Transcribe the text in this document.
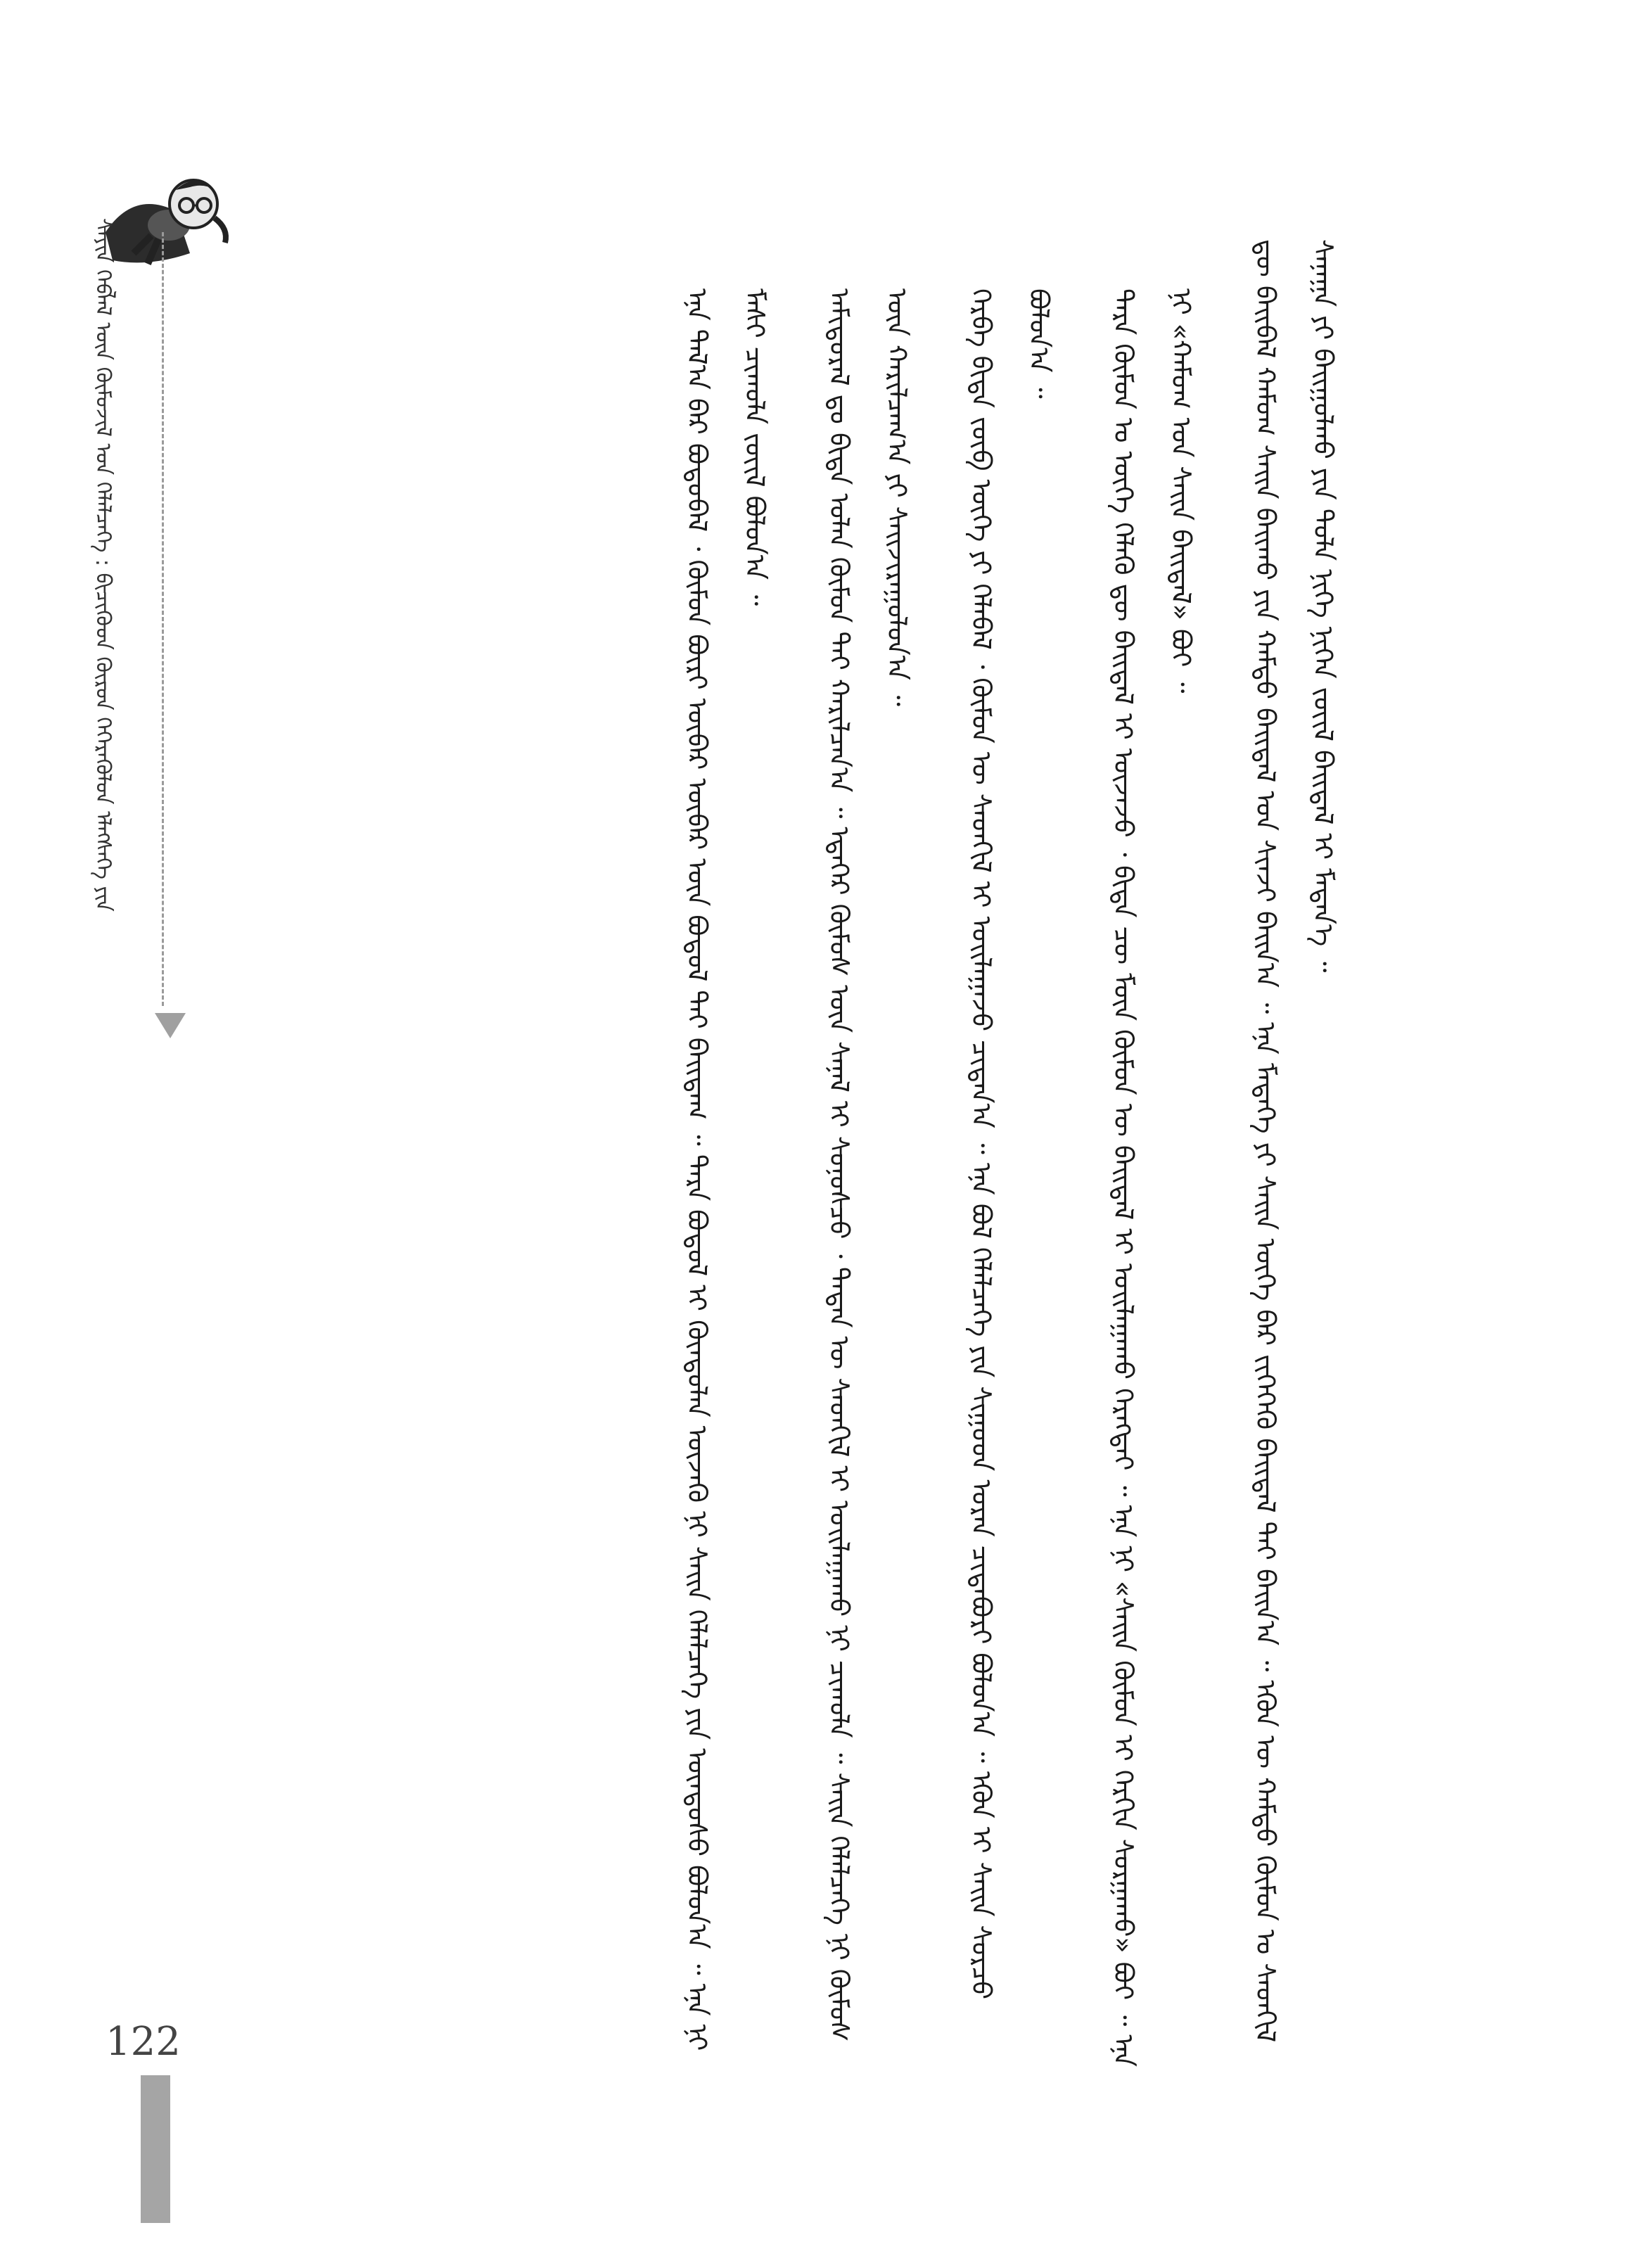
ᠰᠠᠶᠢᠨ ᠬᠡᠪᠯᠡᠯ ᠦᠨ ᠬᠦᠮᠦᠵᠢᠯ ᠤᠨ ᠬᠡᠯᠡᠯᠴᠡᠭᠡ : ᠪᠢᠴᠢᠭᠦᠳ ᠬᠦᠷᠦᠨ ᠭᠡᠭᠡᠷᠡᠭᠦᠯᠦᠨ ᠡᠯᠡᠭᠰᠡᠭᠡ ᠶᠢᠨ	ᠳᠦ ᠪᠠᠢᠪᠠᠯ ᠬᠠᠮᠤᠭ ᠰᠠᠢᠨ ᠪᠠᠢᠬᠤ ᠶᠢᠨ ᠬᠠᠮᠲᠤ ᠪᠠᠢᠳᠠᠯ ᠤᠨ ᠰᠢᠨᠵᠢ ᠪᠠᠢᠨ᠎ᠠ ᠃ ᠡᠨᠡ ᠮᠡᠳᠡᠭᠡ ᠶᠢ ᠰᠠᠢᠨ ᠦᠭᠡ ᠪᠡᠷ ᠵᠢᠬᠡᠭᠡᠬᠦ ᠪᠠᠢᠳᠠᠯ ᠲᠠᠢ ᠪᠠᠢᠨ᠎ᠠ ᠃ ᠡᠭᠦᠨ ᠦ ᠬᠠᠮᠲᠤ ᠬᠦᠮᠦᠨ ᠤ ᠰᠡᠳᠬᠢᠯ ᠰᠠᠨᠠᠭᠠ ᠶᠢ ᠪᠠᠢᠭᠤᠯᠬᠤ ᠶᠢᠨ ᠲᠤᠯᠠ ᠨᠢᠭᠡ ᠨᠢᠭᠡᠨ ᠵᠦᠢᠯ ᠪᠠᠢᠳᠠᠯ ᠢ ᠮᠡᠳᠡᠨ᠎ᠡ ᠃

ᠲᠡᠷᠡ ᠬᠦᠮᠦᠨ ᠤ ᠦᠭᠡ ᠬᠡᠯᠡᠬᠦ ᠳᠦ ᠪᠠᠢᠳᠠᠯ ᠢ ᠦᠵᠡᠵᠦ ᠂ ᠪᠢᠳᠡ ᠴᠦ ᠮᠦᠨ ᠬᠦᠮᠦᠨ ᠦ ᠪᠠᠢᠳᠠᠯ ᠢ ᠣᠢᠯᠠᠭᠠᠬᠤ ᠬᠡᠷᠡᠭᠲᠡᠢ ᠃ ᠡᠨᠡ ᠨᠢ «ᠰᠠᠢᠨ ᠬᠦᠮᠦᠨ ᠢ ᠬᠡᠷᠬᠢᠨ ᠰᠤᠷᠭᠠᠬᠤ» ᠪᠤᠢ ᠃ ᠡᠨᠡ ᠨᠢ «ᠬᠠᠮᠤᠭ ᠤᠨ ᠰᠠᠢᠨ ᠪᠠᠢᠳᠠᠯ» ᠪᠤᠢ ᠃

ᠬᠡᠷᠪᠡ ᠪᠢᠳᠡ ᠵᠦᠪ ᠦᠭᠡ ᠶᠢ ᠬᠡᠯᠡᠪᠡᠯ ᠂ ᠬᠦᠮᠦᠨ ᠦ ᠰᠡᠳᠬᠢᠯ ᠢ ᠣᠢᠯᠠᠭᠠᠵᠤ ᠴᠢᠳᠠᠨ᠎ᠠ ᠃ ᠡᠨᠡ ᠪᠣᠯ ᠬᠡᠯᠡᠯᠴᠡᠭᠡ ᠶᠢᠨ ᠰᠢᠭ᠋ᠤᠳ ᠤᠷᠠᠨ ᠴᠢᠳᠠᠪᠤᠷᠢ ᠪᠣᠯᠤᠨ᠎ᠠ ᠃ ᠡᠭᠦᠨ ᠢ ᠰᠠᠢᠨ ᠰᠤᠷᠴᠤ ᠪᠣᠯᠤᠨ᠎ᠠ ᠃

ᠠᠮᠢᠳᠤᠷᠠᠯ ᠳᠤ ᠪᠢᠳᠡ ᠣᠯᠠᠨ ᠬᠦᠮᠦᠨ ᠲᠡᠢ ᠬᠠᠷᠢᠯᠴᠠᠨ᠎ᠠ ᠃ ᠡᠳᠡᠭᠡᠷ ᠬᠦᠮᠦᠰ ᠦᠨ ᠰᠠᠨᠠᠯ ᠢ ᠰᠣᠨᠣᠰᠴᠤ ᠂ ᠲᠡᠳᠡᠨ ᠦ ᠰᠡᠳᠬᠢᠯ ᠢ ᠣᠢᠯᠠᠭᠠᠬᠤ ᠨᠢ ᠴᠢᠬᠤᠯᠠ ᠃ ᠰᠠᠢᠨ ᠬᠡᠯᠡᠯᠴᠡᠭᠡ ᠨᠢ ᠬᠦᠮᠦᠰ ᠦᠨ ᠬᠠᠷᠢᠯᠴᠠᠭ᠎ᠠ ᠶᠢ ᠰᠠᠢᠵᠢᠷᠠᠭᠤᠯᠤᠨ᠎ᠠ ᠃

ᠡᠨᠡ ᠲᠠᠯ᠎ᠠ ᠪᠠᠷ ᠪᠣᠳᠤᠪᠠᠯ ᠂ ᠬᠦᠮᠦᠨ ᠪᠦᠷᠢ ᠥᠪᠡᠷ ᠥᠪᠡᠷ ᠦᠨ ᠪᠣᠳᠤᠯ ᠲᠠᠢ ᠪᠠᠢᠳᠠᠭ ᠃ ᠲᠡᠷᠡ ᠪᠣᠳᠤᠯ ᠢ ᠬᠦᠨᠳᠦᠯᠡᠨ ᠦᠵᠡᠬᠦ ᠨᠢ ᠰᠠᠢᠨ ᠬᠡᠯᠡᠯᠴᠡᠭᠡ ᠶᠢᠨ ᠦᠨᠳᠦᠰᠦ ᠪᠣᠯᠤᠨ᠎ᠠ ᠃ ᠡᠨᠡ ᠨᠢ ᠮᠠᠰᠢ ᠴᠢᠬᠤᠯᠠ ᠵᠦᠢᠯ ᠪᠣᠯᠤᠨ᠎ᠠ ᠃

122
